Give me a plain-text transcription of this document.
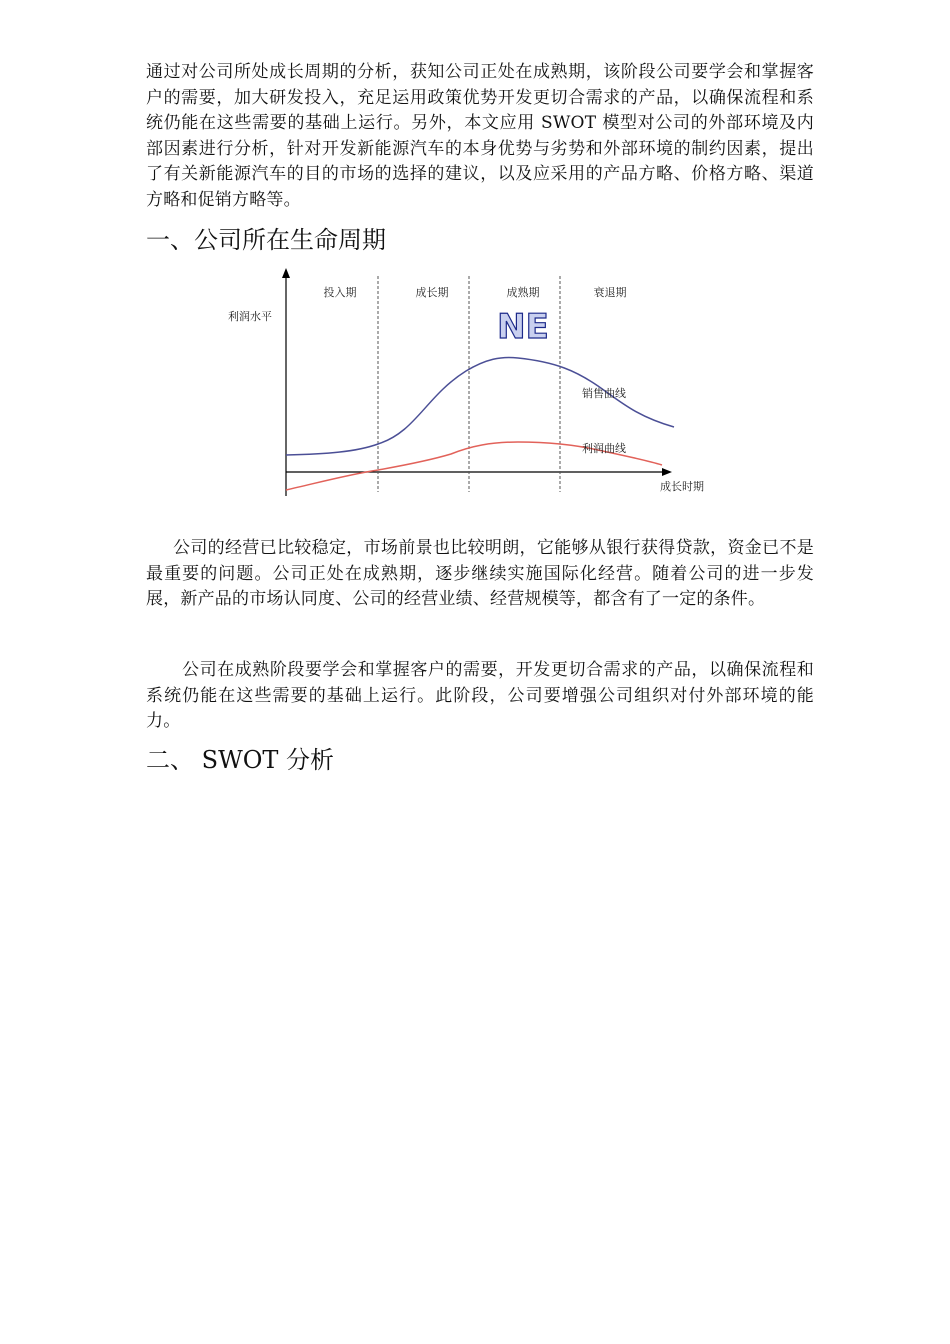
通过对公司所处成长周期的分析，获知公司正处在成熟期，该阶段公司要学会和掌握客户的需要，加大研发投入，充足运用政策优势开发更切合需求的产品，以确保流程和系统仍能在这些需要的基础上运行。另外，本文应用 SWOT 模型对公司的外部环境及内部因素进行分析，针对开发新能源汽车的本身优势与劣势和外部环境的制约因素，提出了有关新能源汽车的目的市场的选择的建议，以及应采用的产品方略、价格方略、渠道方略和促销方略等。

一、公司所在生命周期
投入期	成长期	成熟期	衰退期
利润水平	NE
销售曲线
利润曲线
成长时期

公司的经营已比较稳定，市场前景也比较明朗，它能够从银行获得贷款，资金已不是最重要的问题。公司正处在成熟期，逐步继续实施国际化经营。随着公司的进一步发展，新产品的市场认同度、公司的经营业绩、经营规模等，都含有了一定的条件。

公司在成熟阶段要学会和掌握客户的需要，开发更切合需求的产品，以确保流程和系统仍能在这些需要的基础上运行。此阶段，公司要增强公司组织对付外部环境的能力。

二、 SWOT 分析
